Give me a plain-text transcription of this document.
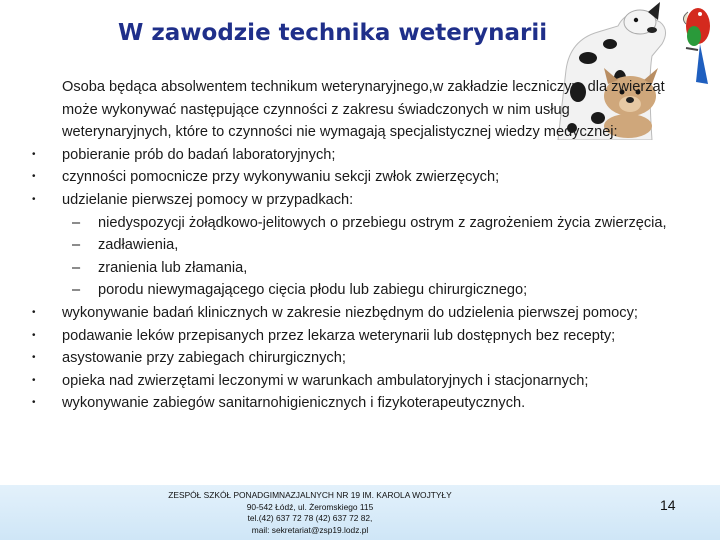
W zawodzie technika weterynarii

Osoba będąca absolwentem technikum weterynaryjnego,w zakładzie leczniczym dla zwierząt może wykonywać następujące czynności z zakresu świadczonych w nim usług weterynaryjnych, które to czynności nie wymagają specjalistycznej wiedzy medycznej:

• pobieranie prób do badań laboratoryjnych;
• czynności pomocnicze przy wykonywaniu sekcji zwłok zwierzęcych;
• udzielanie pierwszej pomocy w przypadkach:
– niedyspozycji żołądkowo-jelitowych o przebiegu ostrym z zagrożeniem życia zwierzęcia,
– zadławienia,
– zranienia lub złamania,
– porodu niewymagającego cięcia płodu lub zabiegu chirurgicznego;
• wykonywanie badań klinicznych w zakresie niezbędnym do udzielenia pierwszej pomocy;
• podawanie leków przepisanych przez lekarza weterynarii lub dostępnych bez recepty;
• asystowanie przy zabiegach chirurgicznych;
• opieka nad zwierzętami leczonymi w warunkach ambulatoryjnych i stacjonarnych;
• wykonywanie zabiegów sanitarnohigienicznych i fizykoterapeutycznych.
ZESPÓŁ SZKÓŁ PONADGIMNAZJALNYCH NR 19 IM. KAROLA WOJTYŁY
90-542 Łódź, ul. Żeromskiego 115
tel.(42) 637 72 78 (42) 637 72 82,
mail: sekretariat@zsp19.lodz.pl
14
